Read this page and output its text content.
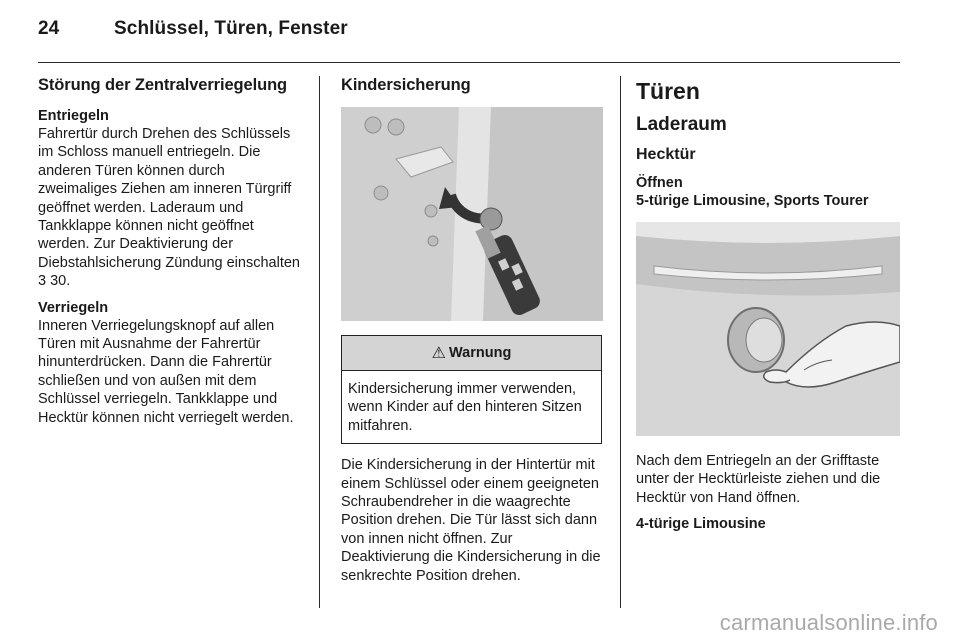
24	Schlüssel, Türen, Fenster
Störung der Zentralverriegelung
Entriegeln

Fahrertür durch Drehen des Schlüssels im Schloss manuell entriegeln. Die anderen Türen können durch zweimaliges Ziehen am inneren Türgriff geöffnet werden. Laderaum und Tankklappe können nicht geöffnet werden. Zur Deaktivierung der Diebstahlsicherung Zündung einschalten
3 30.

Verriegeln

Inneren Verriegelungsknopf auf allen Türen mit Ausnahme der Fahrertür hinunterdrücken. Dann die Fahrertür schließen und von außen mit dem Schlüssel verriegeln. Tankklappe und Hecktür können nicht verriegelt werden.

Kindersicherung
⚠ Warnung
Kindersicherung immer verwenden, wenn Kinder auf den hinteren Sitzen mitfahren.

Die Kindersicherung in der Hintertür mit einem Schlüssel oder einem geeigneten Schraubendreher in die waagrechte Position drehen. Die Tür lässt sich dann von innen nicht öffnen. Zur Deaktivierung die Kindersicherung in die senkrechte Position drehen.

Türen
Laderaum
Hecktür
Öffnen
5-türige Limousine, Sports Tourer

Nach dem Entriegeln an der Grifftaste unter der Hecktürleiste ziehen und die Hecktür von Hand öffnen.

4-türige Limousine
carmanualsonline.info
